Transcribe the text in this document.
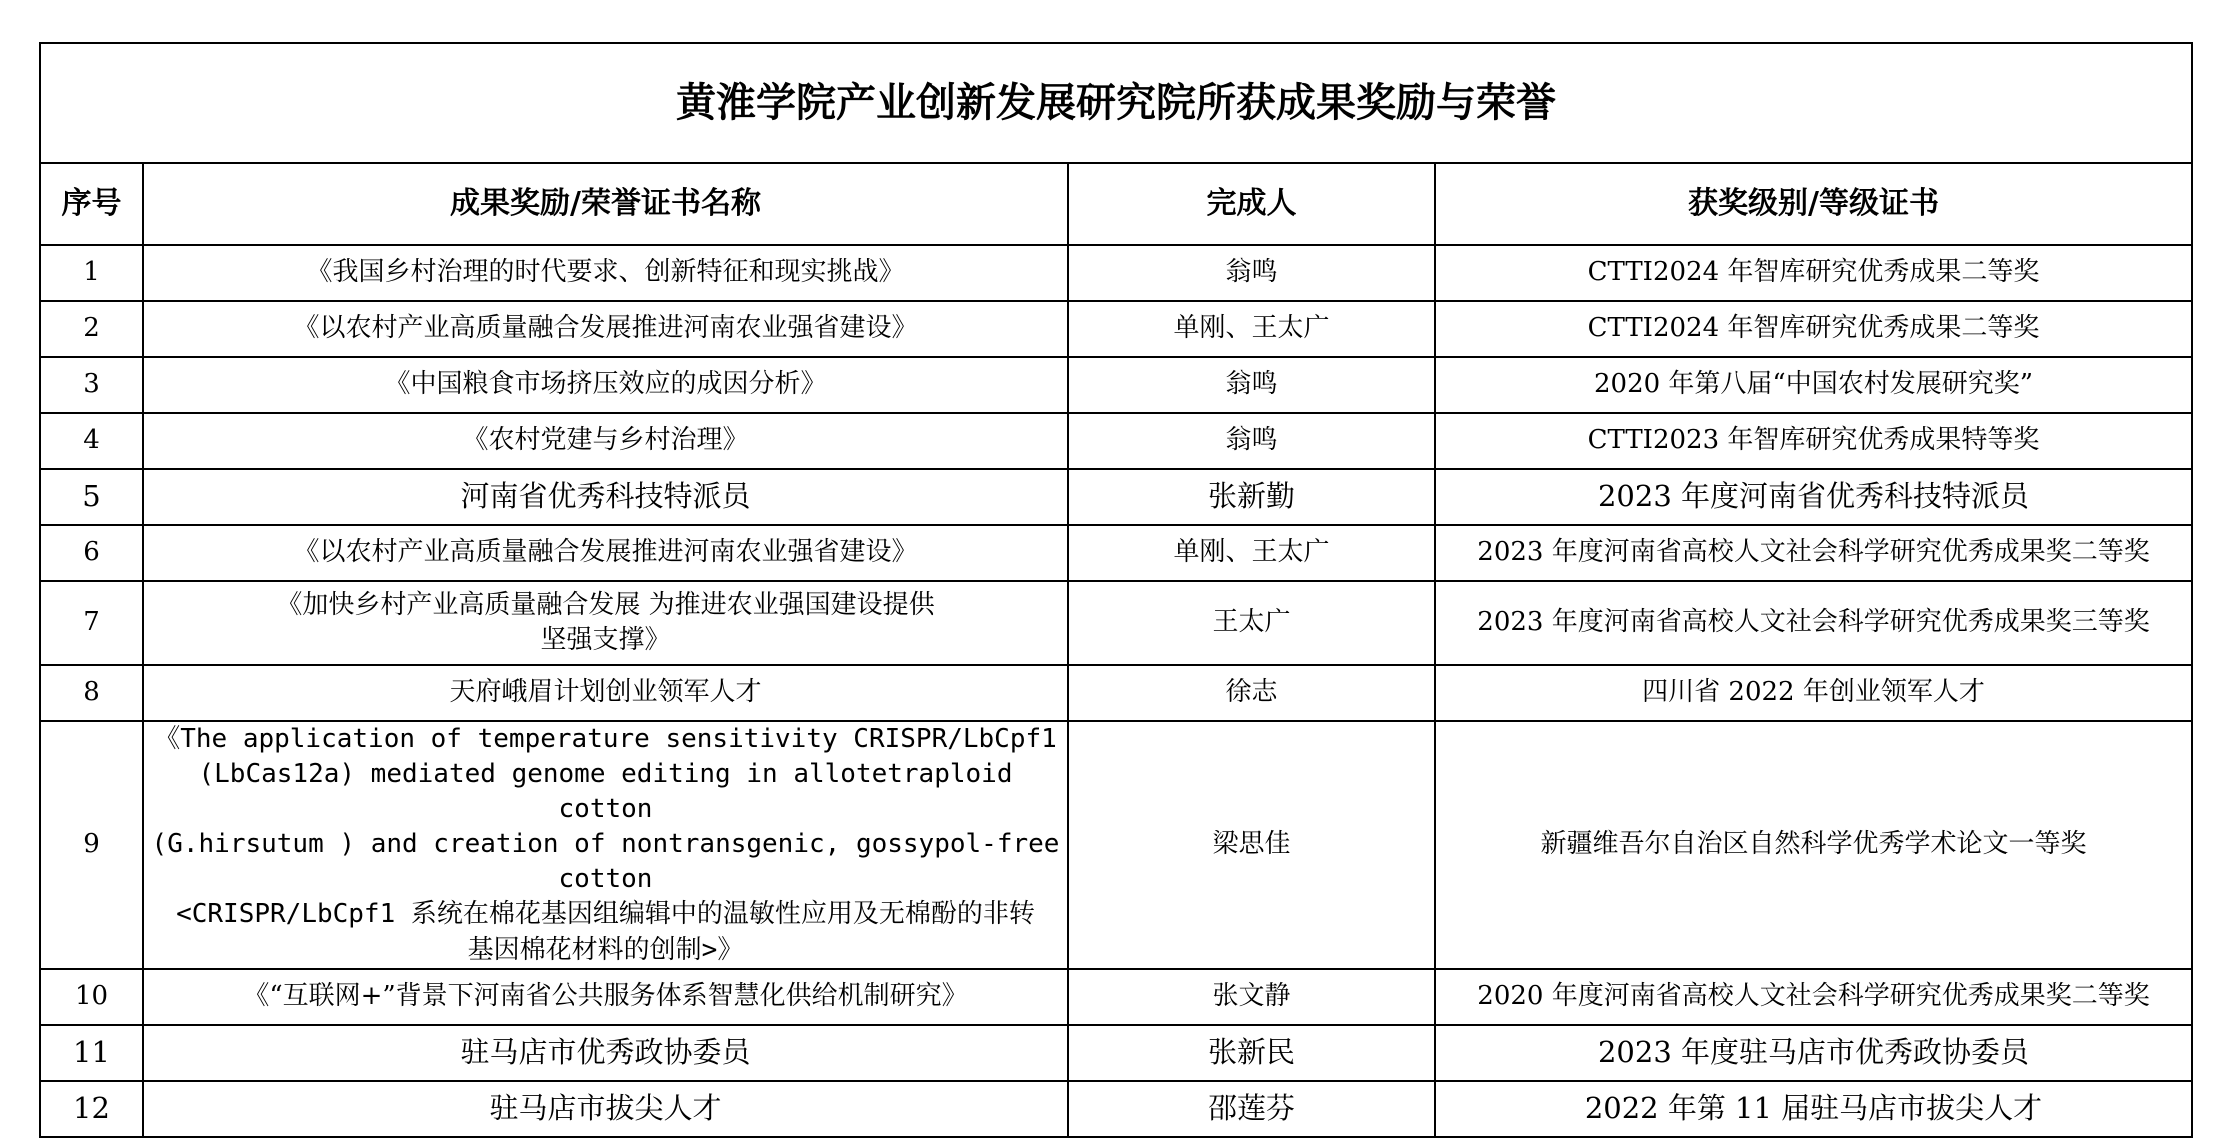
黄淮学院产业创新发展研究院所获成果奖励与荣誉			
序号	成果奖励/荣誉证书名称	完成人	获奖级别/等级证书
1	《我国乡村治理的时代要求、创新特征和现实挑战》	翁鸣	CTTI2024 年智库研究优秀成果二等奖
2	《以农村产业高质量融合发展推进河南农业强省建设》	单刚、王太广	CTTI2024 年智库研究优秀成果二等奖
3	《中国粮食市场挤压效应的成因分析》	翁鸣	2020 年第八届“中国农村发展研究奖”
4	《农村党建与乡村治理》	翁鸣	CTTI2023 年智库研究优秀成果特等奖
5	河南省优秀科技特派员	张新勤	2023 年度河南省优秀科技特派员
6	《以农村产业高质量融合发展推进河南农业强省建设》	单刚、王太广	2023 年度河南省高校人文社会科学研究优秀成果奖二等奖
7	《加快乡村产业高质量融合发展 为推进农业强国建设提供
坚强支撑》	王太广	2023 年度河南省高校人文社会科学研究优秀成果奖三等奖
8	天府峨眉计划创业领军人才	徐志	四川省 2022 年创业领军人才
9	《The application of temperature sensitivity CRISPR/LbCpf1
(LbCas12a) mediated genome editing in allotetraploid cotton
(G.hirsutum ) and creation of nontransgenic, gossypol-free cotton
<CRISPR/LbCpf1 系统在棉花基因组编辑中的温敏性应用及无棉酚的非转
基因棉花材料的创制>》	梁思佳	新疆维吾尔自治区自然科学优秀学术论文一等奖
10	《“互联网+”背景下河南省公共服务体系智慧化供给机制研究》	张文静	2020 年度河南省高校人文社会科学研究优秀成果奖二等奖
11	驻马店市优秀政协委员	张新民	2023 年度驻马店市优秀政协委员
12	驻马店市拔尖人才	邵莲芬	2022 年第 11 届驻马店市拔尖人才
